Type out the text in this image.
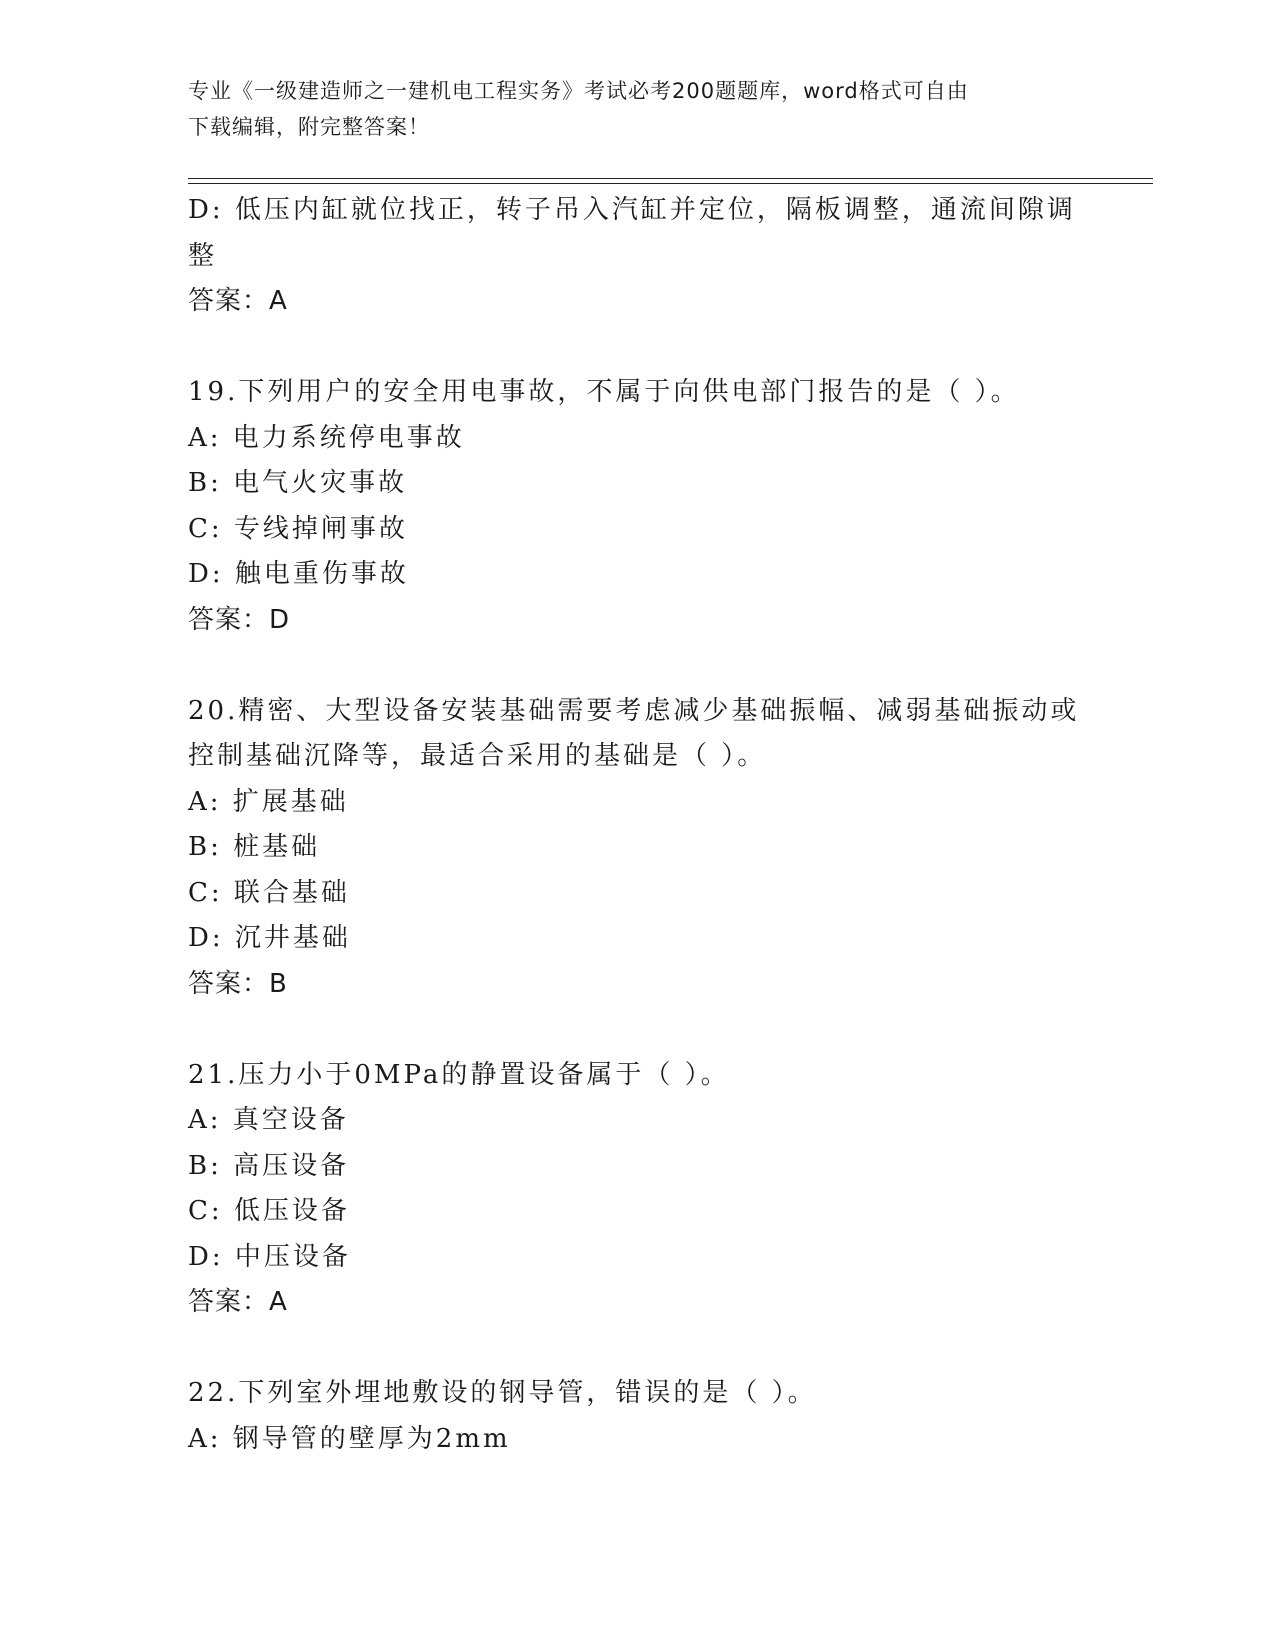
专业《一级建造师之一建机电工程实务》考试必考200题题库，word格式可自由
下载编辑，附完整答案！
D: 低压内缸就位找正，转子吊入汽缸并定位，隔板调整，通流间隙调
整
答案：A
19.下列用户的安全用电事故，不属于向供电部门报告的是（ ）。
A: 电力系统停电事故
B: 电气火灾事故
C: 专线掉闸事故
D: 触电重伤事故
答案：D
20.精密、大型设备安装基础需要考虑减少基础振幅、减弱基础振动或
控制基础沉降等，最适合采用的基础是（ ）。
A: 扩展基础
B: 桩基础
C: 联合基础
D: 沉井基础
答案：B
21.压力小于0MPa的静置设备属于（ ）。
A: 真空设备
B: 高压设备
C: 低压设备
D: 中压设备
答案：A
22.下列室外埋地敷设的钢导管，错误的是（ ）。
A: 钢导管的壁厚为2mm
